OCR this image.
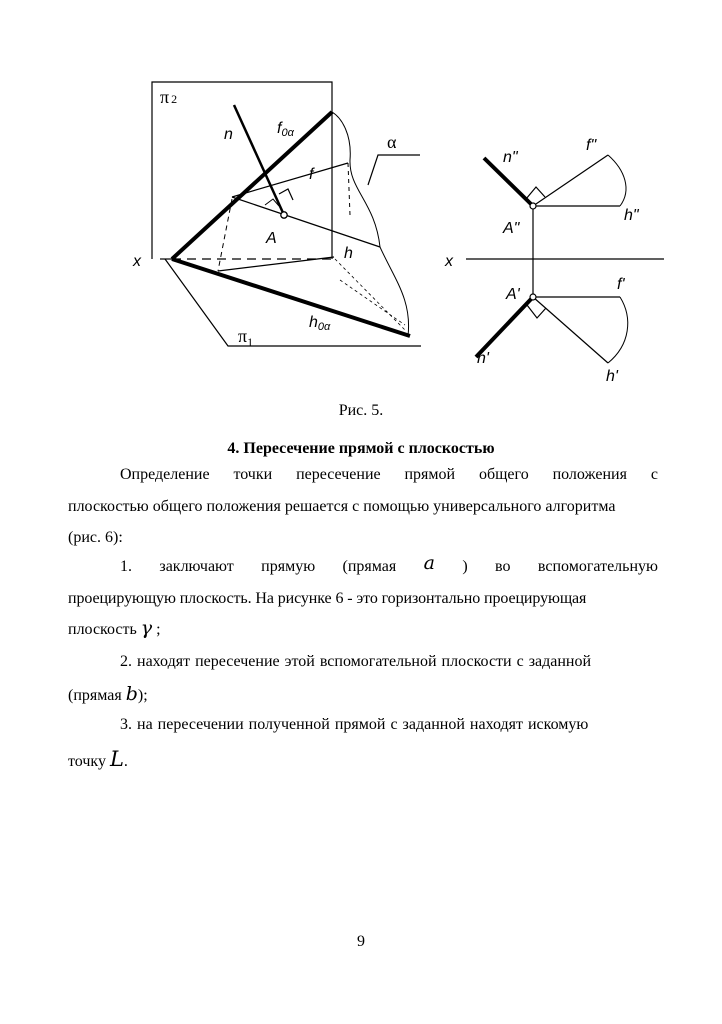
π 2
n	f0α
f
A
h
x
h0α
$\pi_1$
α
n"
f"
A"
h"
x
A'
f'
n'
h'
Рис. 5.
4. Пересечение прямой с плоскостью
Определение точки пересечение прямой общего положения с
плоскостью общего положения решается с помощью универсального алгоритма
(рис. 6):
1. заключают прямую (прямая a ) во вспомогательную
проецирующую плоскость. На рисунке 6 - это горизонтально проецирующая
плоскость γ ;
2. находят пересечение этой вспомогательной плоскости с заданной
(прямая b);
3. на пересечении полученной прямой с заданной находят искомую
точку L.
9
